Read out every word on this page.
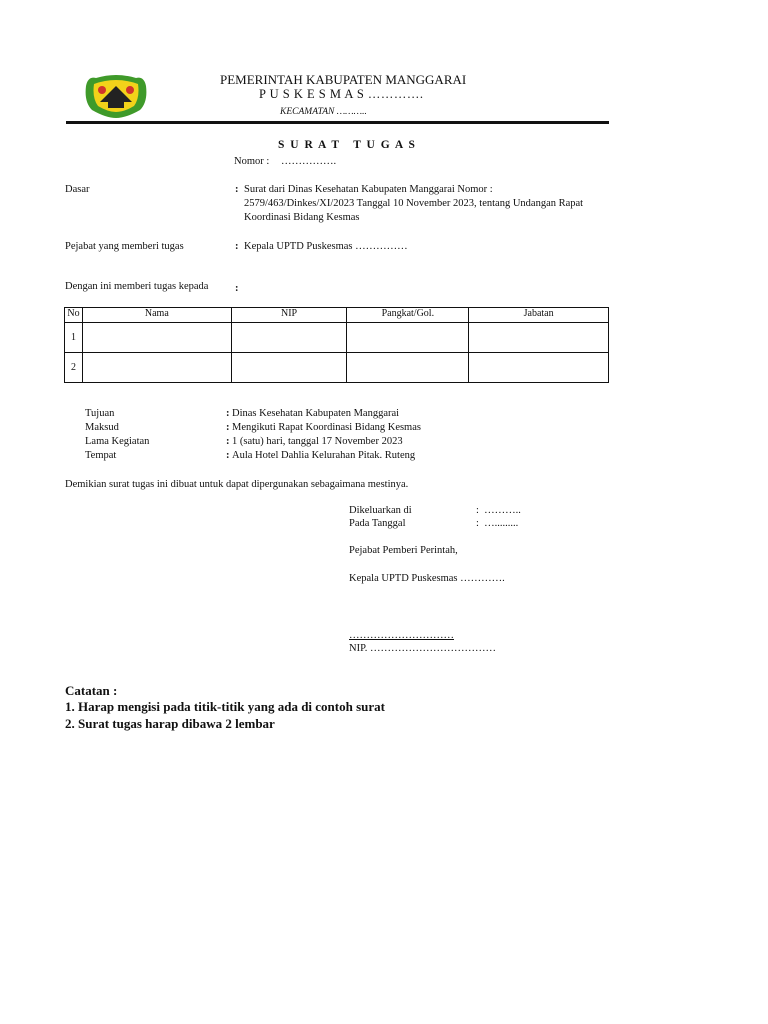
PEMERINTAH KABUPATEN MANGGARAI
P U S K E S M A S ………….
KECAMATAN ………..
S U R A T   T U G A S
Nomor : …………….
Dasar	: Surat dari Dinas Kesehatan Kabupaten Manggarai Nomor :
2579/463/Dinkes/XI/2023 Tanggal 10 November 2023, tentang Undangan Rapat
Koordinasi Bidang Kesmas
Pejabat yang memberi tugas	: Kepala UPTD Puskesmas ……………
Dengan ini memberi tugas kepada	:
No	Nama	NIP	Pangkat/Gol.	Jabatan
1				
2				
Tujuan	: Dinas Kesehatan Kabupaten Manggarai
Maksud	: Mengikuti Rapat Koordinasi Bidang Kesmas
Lama Kegiatan	: 1 (satu) hari, tanggal 17 November 2023
Tempat	: Aula Hotel Dahlia Kelurahan Pitak. Ruteng
Demikian surat tugas ini dibuat untuk dapat dipergunakan sebagaimana mestinya.
Dikeluarkan di	:  ………..
Pada Tanggal	:  ….........
Pejabat Pemberi Perintah,
Kepala UPTD Puskesmas ………….
…………………………
NIP. ………………………………
Catatan :
1. Harap mengisi pada titik-titik yang ada di contoh surat
2. Surat tugas harap dibawa 2 lembar
